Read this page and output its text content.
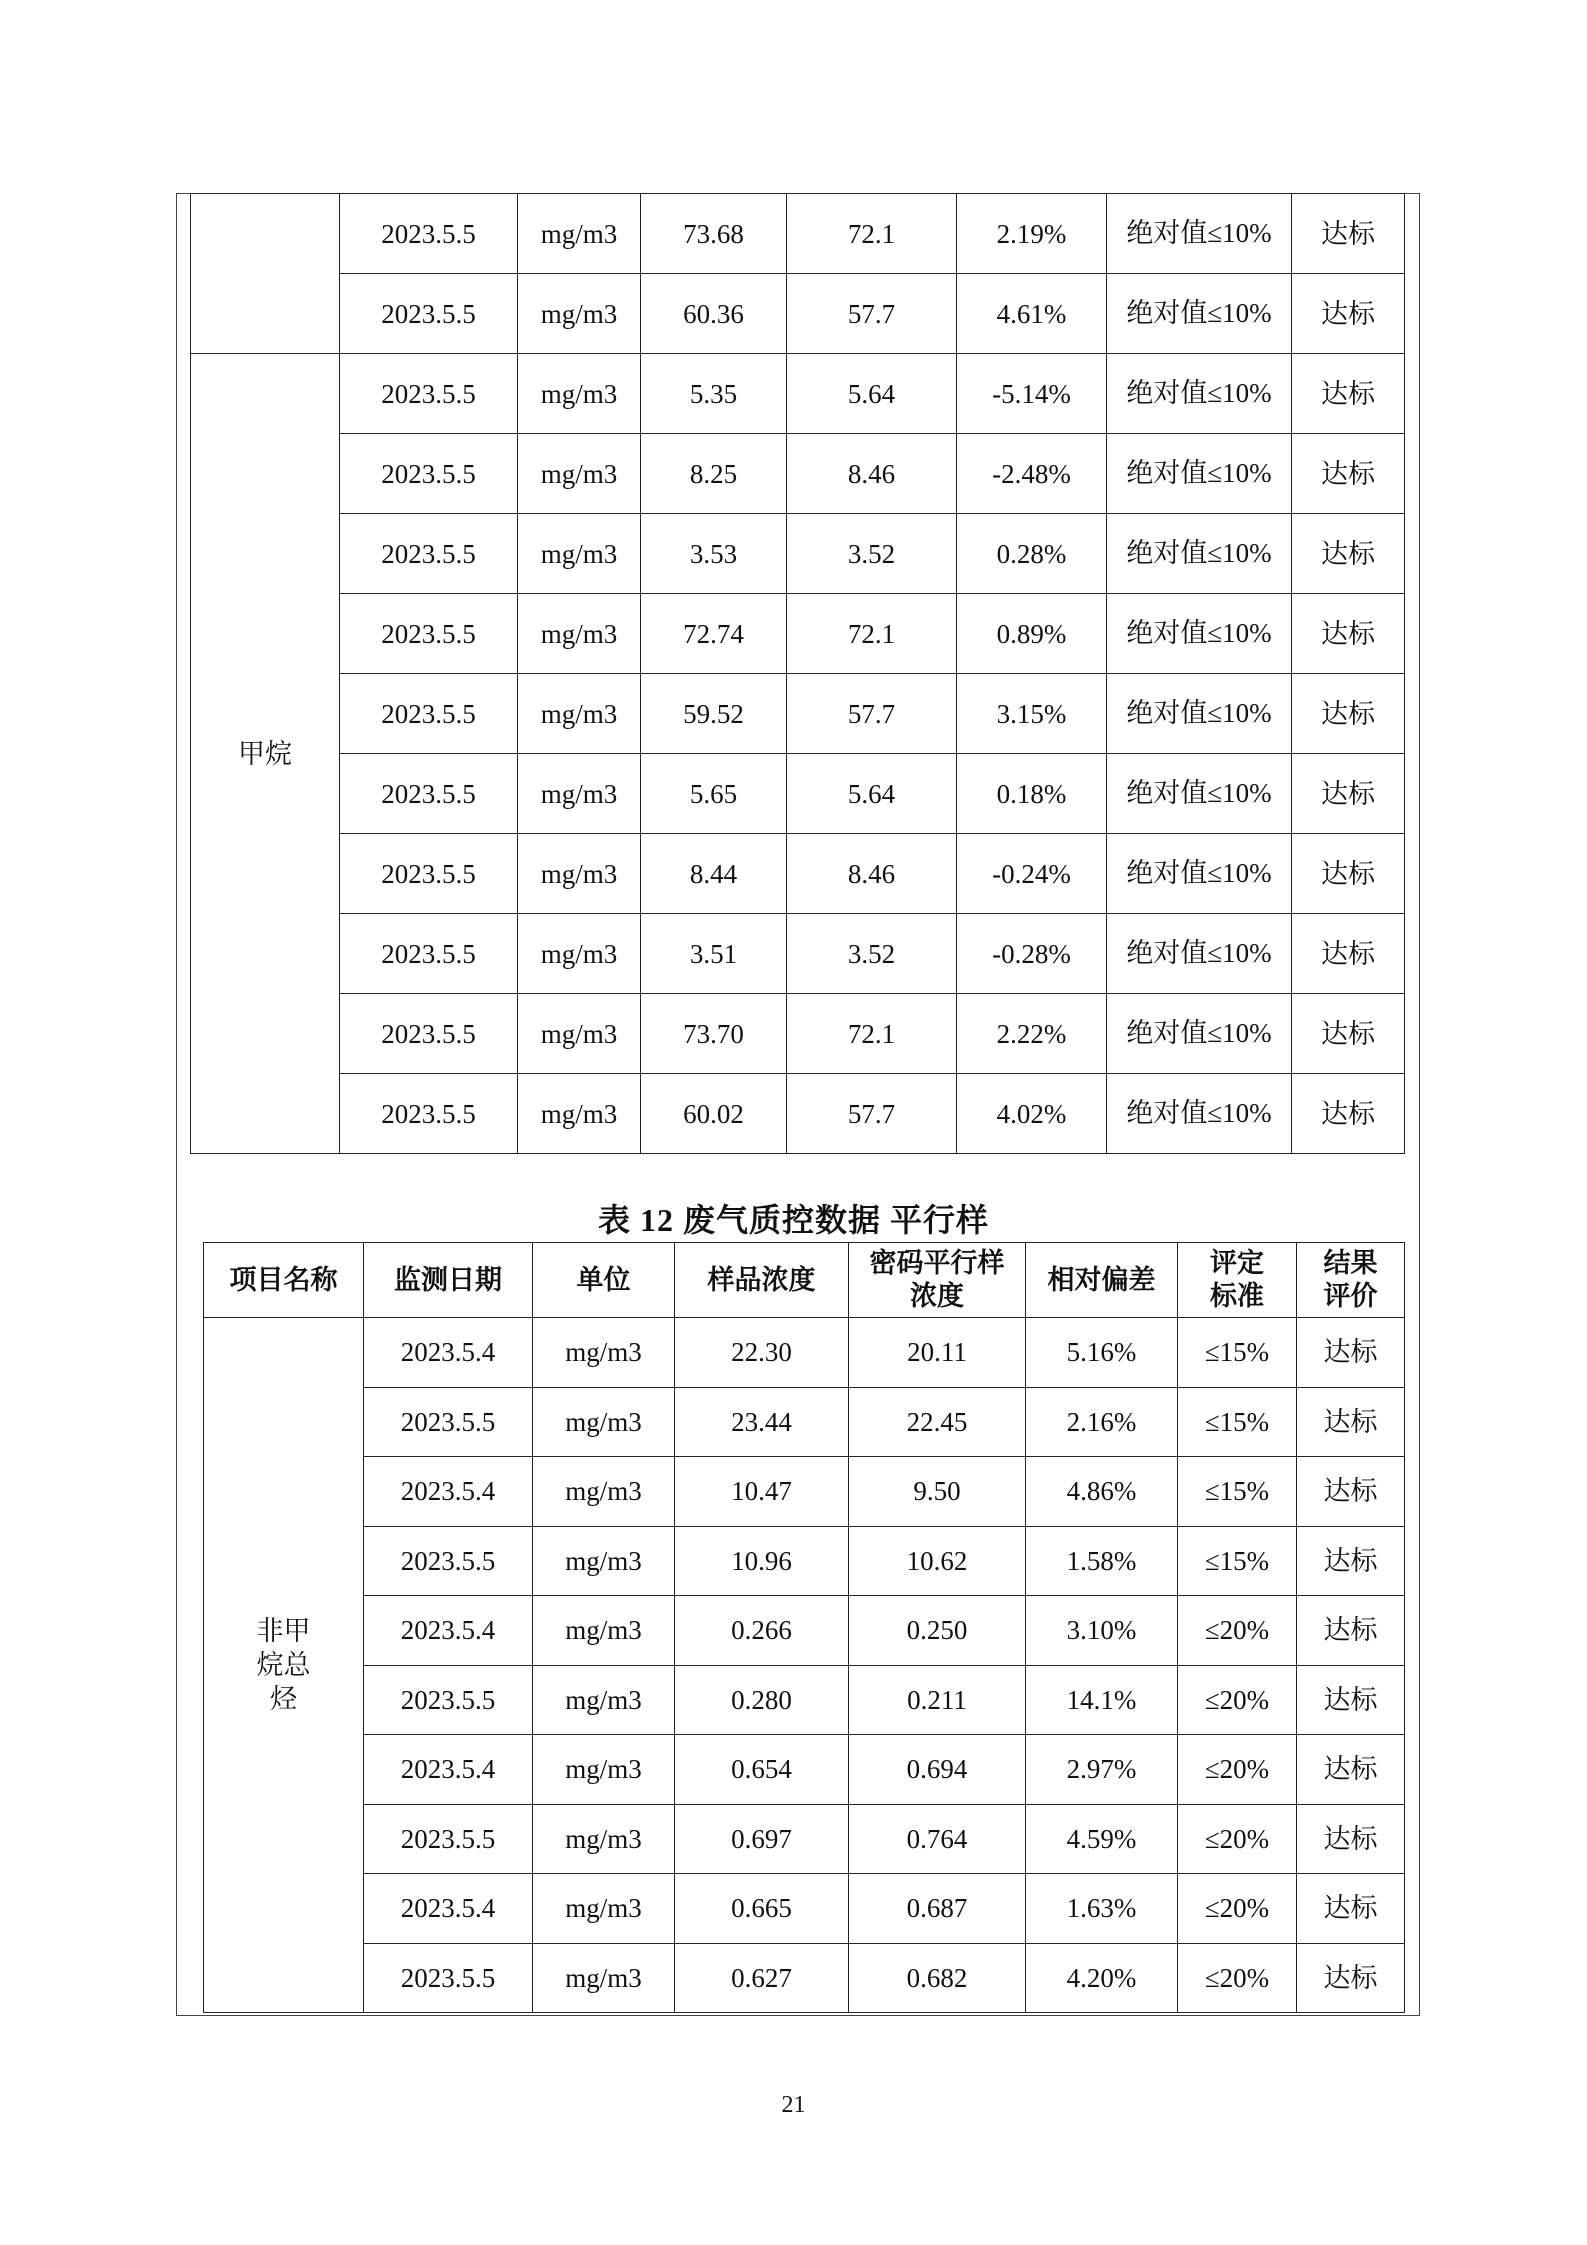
	2023.5.5	mg/m3	73.68	72.1	2.19%	绝对值≤10%	达标
	2023.5.5	mg/m3	60.36	57.7	4.61%	绝对值≤10%	达标
甲烷	2023.5.5	mg/m3	5.35	5.64	-5.14%	绝对值≤10%	达标
	2023.5.5	mg/m3	8.25	8.46	-2.48%	绝对值≤10%	达标
	2023.5.5	mg/m3	3.53	3.52	0.28%	绝对值≤10%	达标
	2023.5.5	mg/m3	72.74	72.1	0.89%	绝对值≤10%	达标
	2023.5.5	mg/m3	59.52	57.7	3.15%	绝对值≤10%	达标
	2023.5.5	mg/m3	5.65	5.64	0.18%	绝对值≤10%	达标
	2023.5.5	mg/m3	8.44	8.46	-0.24%	绝对值≤10%	达标
	2023.5.5	mg/m3	3.51	3.52	-0.28%	绝对值≤10%	达标
	2023.5.5	mg/m3	73.70	72.1	2.22%	绝对值≤10%	达标
	2023.5.5	mg/m3	60.02	57.7	4.02%	绝对值≤10%	达标
表 12 废气质控数据 平行样
项目名称	监测日期	单位	样品浓度	密码平行样浓度	相对偏差	评定标准	结果评价
非甲烷总烃	2023.5.4	mg/m3	22.30	20.11	5.16%	≤15%	达标
	2023.5.5	mg/m3	23.44	22.45	2.16%	≤15%	达标
	2023.5.4	mg/m3	10.47	9.50	4.86%	≤15%	达标
	2023.5.5	mg/m3	10.96	10.62	1.58%	≤15%	达标
	2023.5.4	mg/m3	0.266	0.250	3.10%	≤20%	达标
	2023.5.5	mg/m3	0.280	0.211	14.1%	≤20%	达标
	2023.5.4	mg/m3	0.654	0.694	2.97%	≤20%	达标
	2023.5.5	mg/m3	0.697	0.764	4.59%	≤20%	达标
	2023.5.4	mg/m3	0.665	0.687	1.63%	≤20%	达标
	2023.5.5	mg/m3	0.627	0.682	4.20%	≤20%	达标
21
